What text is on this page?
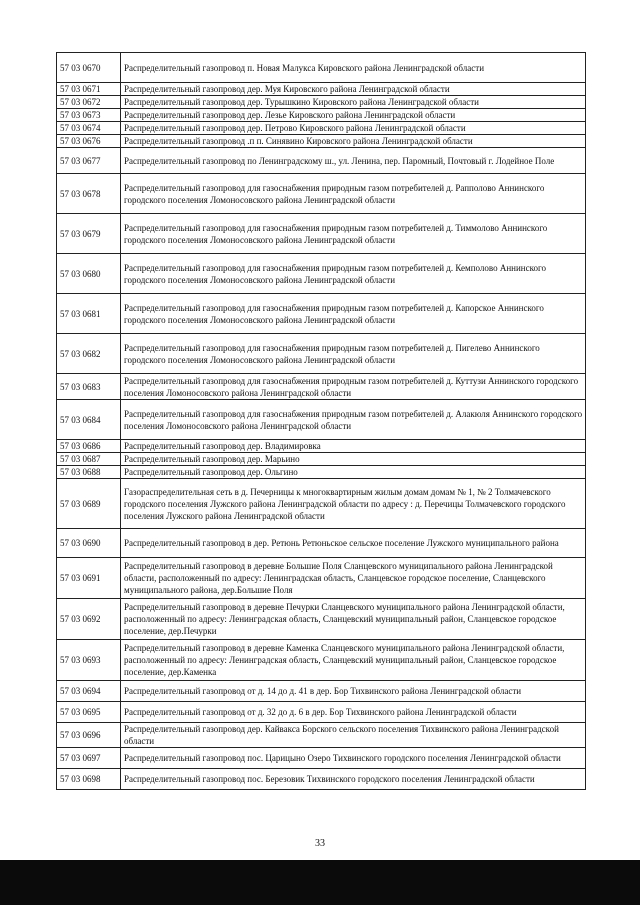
57 03 0670	Распределительный газопровод п. Новая Малукса Кировского района Ленинградской области
57 03 0671	Распределительный газопровод дер. Муя Кировского района Ленинградской области
57 03 0672	Распределительный газопровод дер. Турышкино Кировского района Ленинградской области
57 03 0673	Распределительный газопровод дер. Лезье Кировского района Ленинградской области
57 03 0674	Распределительный газопровод дер. Петрово Кировского района Ленинградской области
57 03 0676	Распределительный газопровод .п п. Синявино Кировского района Ленинградской области
57 03 0677	Распределительный газопровод по Ленинградскому ш., ул. Ленина, пер. Паромный, Почтовый г. Лодейное Поле
57 03 0678	Распределительный газопровод для газоснабжения природным газом потребителей д. Рапполово Аннинского городского поселения Ломоносовского района Ленинградской области
57 03 0679	Распределительный газопровод для газоснабжения природным газом потребителей д. Тиммолово Аннинского городского поселения Ломоносовского района Ленинградской области
57 03 0680	Распределительный газопровод для газоснабжения природным газом потребителей д. Кемполово Аннинского городского поселения Ломоносовского района Ленинградской области
57 03 0681	Распределительный газопровод для газоснабжения природным газом потребителей д. Капорское Аннинского городского поселения Ломоносовского района Ленинградской области
57 03 0682	Распределительный газопровод для газоснабжения природным газом потребителей д. Пигелево Аннинского городского поселения Ломоносовского района Ленинградской области
57 03 0683	Распределительный газопровод для газоснабжения природным газом потребителей д. Куттузи Аннинского городского поселения Ломоносовского района Ленинградской области
57 03 0684	Распределительный газопровод для газоснабжения природным газом потребителей д. Алакюля Аннинского городского поселения Ломоносовского района Ленинградской области
57 03 0686	Распределительный газопровод дер. Владимировка
57 03 0687	Распределительный газопровод дер. Марьино
57 03 0688	Распределительный газопровод дер. Ольгино
57 03 0689	Газораспределительная сеть в д. Печерницы к многоквартирным жилым домам домам № 1, № 2 Толмачевского городского поселения Лужского района Ленинградской области по адресу : д. Перечицы Толмачевского городского поселения Лужского района Ленинградской области
57 03 0690	Распределительный газопровод в дер. Ретюнь Ретюньское сельское поселение Лужского муниципального района
57 03 0691	Распределительный газопровод в деревне Большие Поля Сланцевского муниципального района Ленинградской области, расположенный по адресу: Ленинградская область, Сланцевское городское поселение, Сланцевского муниципального района, дер.Большие Поля
57 03 0692	Распределительный газопровод в деревне Печурки Сланцевского муниципального района Ленинградской области, расположенный по адресу: Ленинградская область, Сланцевский муниципальный район, Сланцевское городское поселение, дер.Печурки
57 03 0693	Распределительный газопровод в деревне Каменка Сланцевского муниципального района Ленинградской области, расположенный по адресу: Ленинградская область, Сланцевский муниципальный район, Сланцевское городское поселение, дер.Каменка
57 03 0694	Распределительный газопровод от д. 14 до д. 41 в дер. Бор Тихвинского района Ленинградской области
57 03 0695	Распределительный газопровод от д. 32 до д. 6 в дер. Бор Тихвинского района Ленинградской области
57 03 0696	Распределительный газопровод дер. Кайвакса Борского сельского поселения Тихвинского района Ленинградской области
57 03 0697	Распределительный газопровод пос. Царицыно Озеро Тихвинского городского поселения Ленинградской области
57 03 0698	Распределительный газопровод пос. Березовик Тихвинского городского поселения Ленинградской области
33
